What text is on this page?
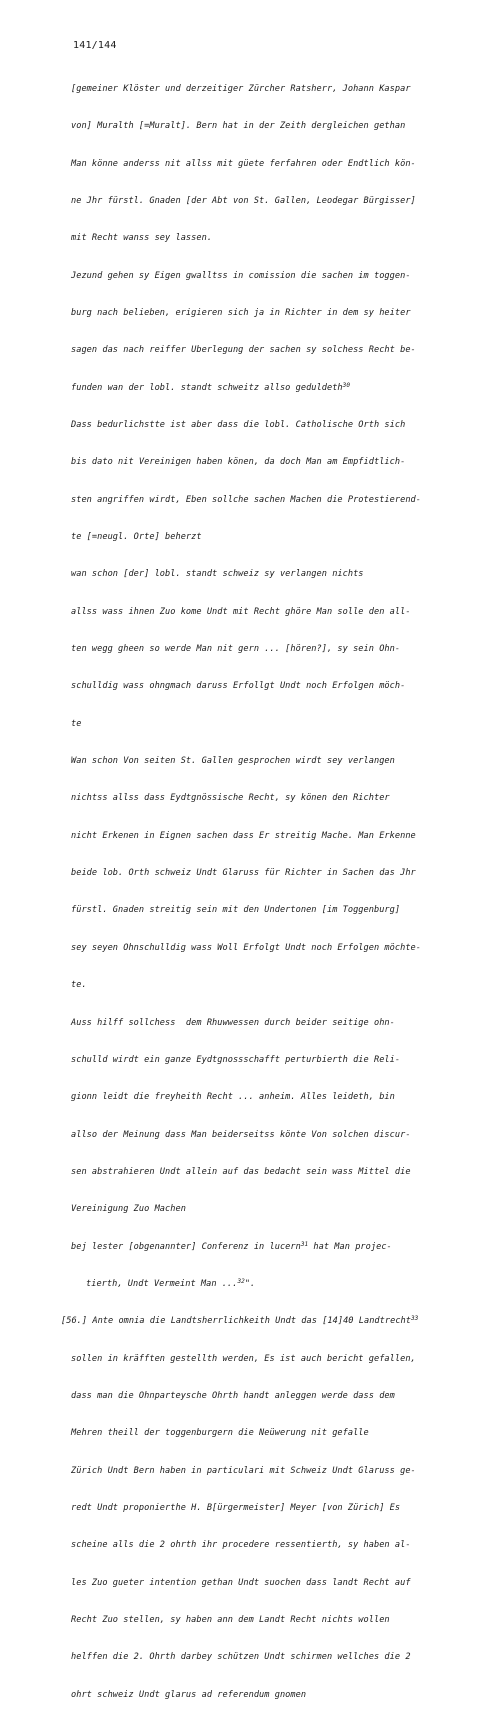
141/144

[gemeiner Klöster und derzeitiger Zürcher Ratsherr, Johann Kaspar

von] Muralth [=Muralt]. Bern hat in der Zeith dergleichen gethan

Man könne anderss nit allss mit güete ferfahren oder Endtlich kön-

ne Jhr fürstl. Gnaden [der Abt von St. Gallen, Leodegar Bürgisser]

mit Recht wanss sey lassen.

Jezund gehen sy Eigen gwalltss in comission die sachen im toggen-

burg nach belieben, erigieren sich ja in Richter in dem sy heiter

sagen das nach reiffer Uberlegung der sachen sy solchess Recht be-

funden wan der lobl. standt schweitz allso geduldeth$^{30}$

Dass bedurlichstte ist aber dass die lobl. Catholische Orth sich

bis dato nit Vereinigen haben könen, da doch Man am Empfidtlich-

sten angriffen wirdt, Eben sollche sachen Machen die Protestierend-

te [=neugl. Orte] beherzt

wan schon [der] lobl. standt schweiz sy verlangen nichts

allss wass ihnen Zuo kome Undt mit Recht ghöre Man solle den all-

ten wegg gheen so werde Man nit gern ... [hören?], sy sein Ohn-

schulldig wass ohngmach daruss Erfollgt Undt noch Erfolgen möch-

te

Wan schon Von seiten St. Gallen gesprochen wirdt sey verlangen

nichtss allss dass Eydtgnössische Recht, sy könen den Richter

nicht Erkenen in Eignen sachen dass Er streitig Mache. Man Erkenne

beide lob. Orth schweiz Undt Glaruss für Richter in Sachen das Jhr

fürstl. Gnaden streitig sein mit den Undertonen [im Toggenburg]

sey seyen Ohnschulldig wass Woll Erfolgt Undt noch Erfolgen möchte-

te.

Auss hilff sollchess  dem Rhuwwessen durch beider seitige ohn-

schulld wirdt ein ganze Eydtgnossschafft perturbierth die Reli-

gionn leidt die freyheith Recht ... anheim. Alles leideth, bin

allso der Meinung dass Man beiderseitss könte Von solchen discur-

sen abstrahieren Undt allein auf das bedacht sein wass Mittel die

Vereinigung Zuo Machen

bej lester [obgenannter] Conferenz in lucern$^{31}$ hat Man projec-

tierth, Undt Vermeint Man ...$^{32}$".

[56.] Ante omnia die Landtsherrlichkeith Undt das [14]40 Landtrecht$^{33}$

sollen in kräfften gestellth werden, Es ist auch bericht gefallen,

dass man die Ohnparteysche Ohrth handt anleggen werde dass dem

Mehren theill der toggenburgern die Neüwerung nit gefalle

Zürich Undt Bern haben in particulari mit Schweiz Undt Glaruss ge-

redt Undt proponierthe H. B[ürgermeister] Meyer [von Zürich] Es

scheine alls die 2 ohrth ihr procedere ressentierth, sy haben al-

les Zuo gueter intention gethan Undt suochen dass landt Recht auf

Recht Zuo stellen, sy haben ann dem Landt Recht nichts wollen

helffen die 2. Ohrth darbey schützen Undt schirmen wellches die 2

ohrt schweiz Undt glarus ad referendum gnomen
